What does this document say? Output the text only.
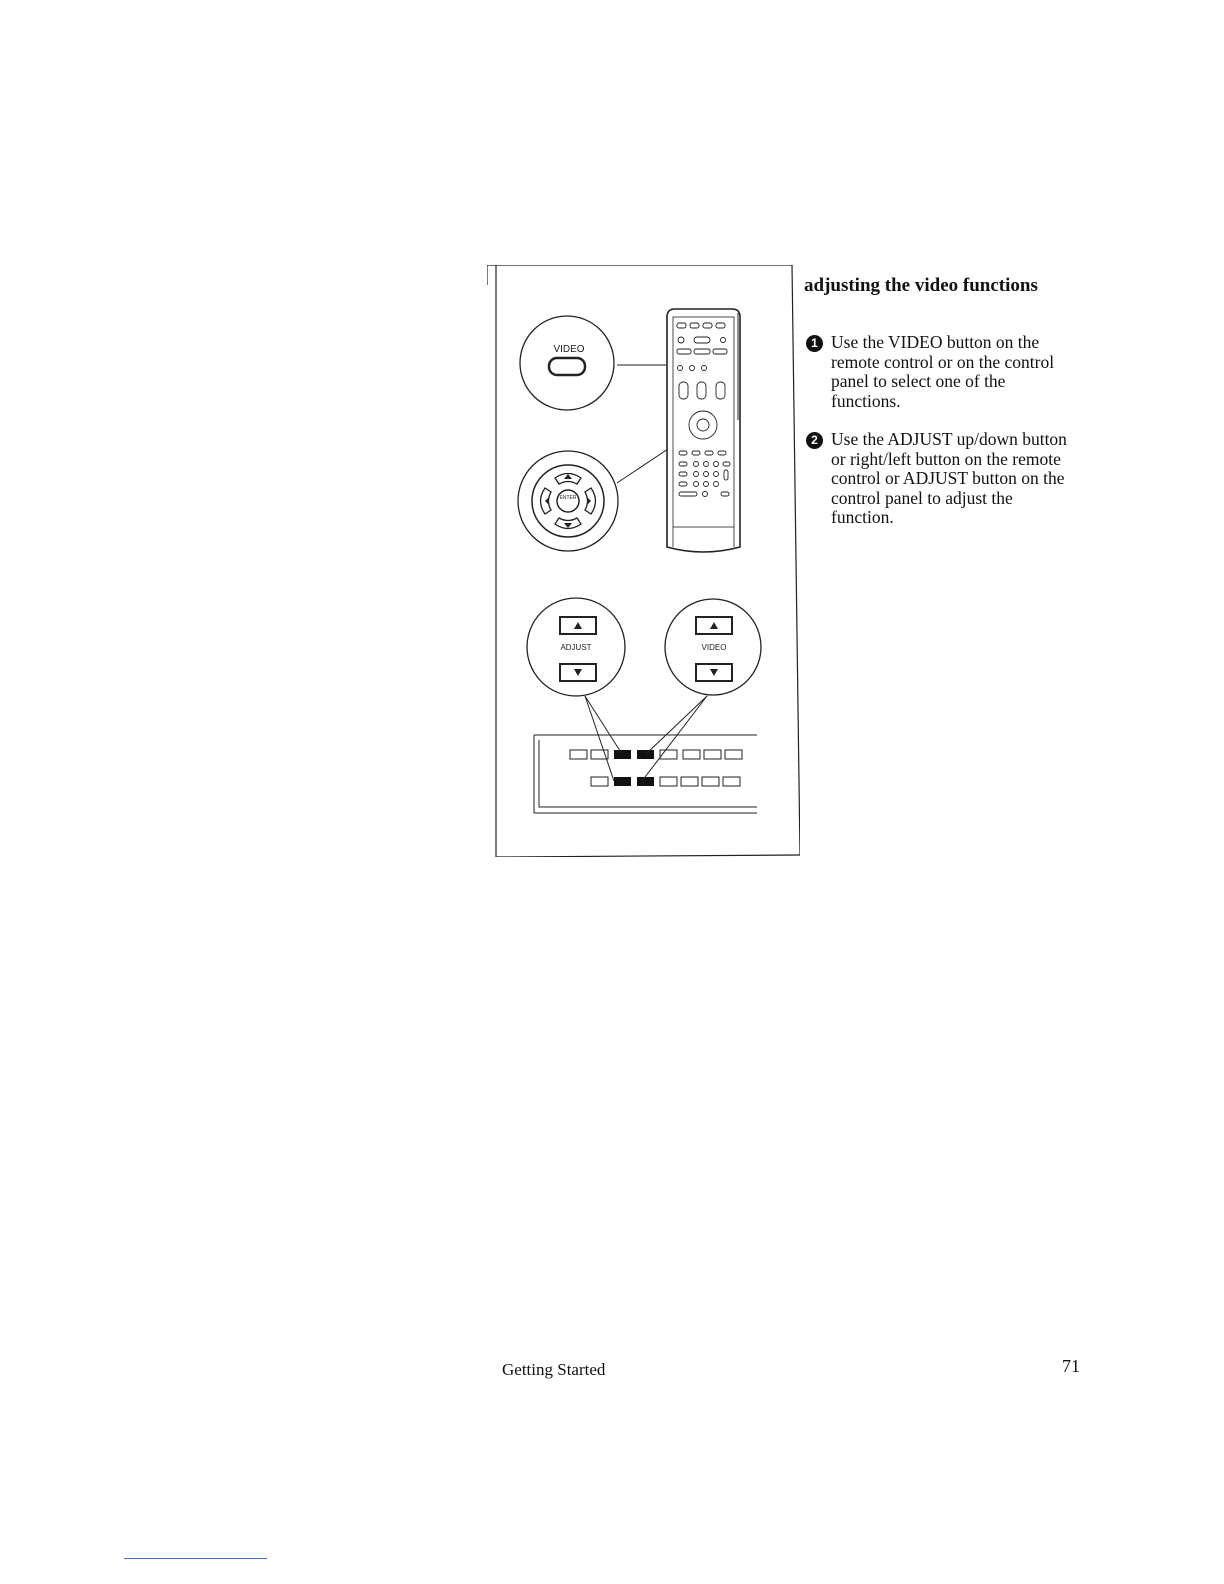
VIDEO
ENTER
ADJUST	VIDEO
adjusting the video functions
1 Use the VIDEO button on the remote control or on the control panel to select one of the functions.
2 Use the ADJUST up/down button or right/left button on the remote control or ADJUST button on the control panel to adjust the function.
Getting Started	71
